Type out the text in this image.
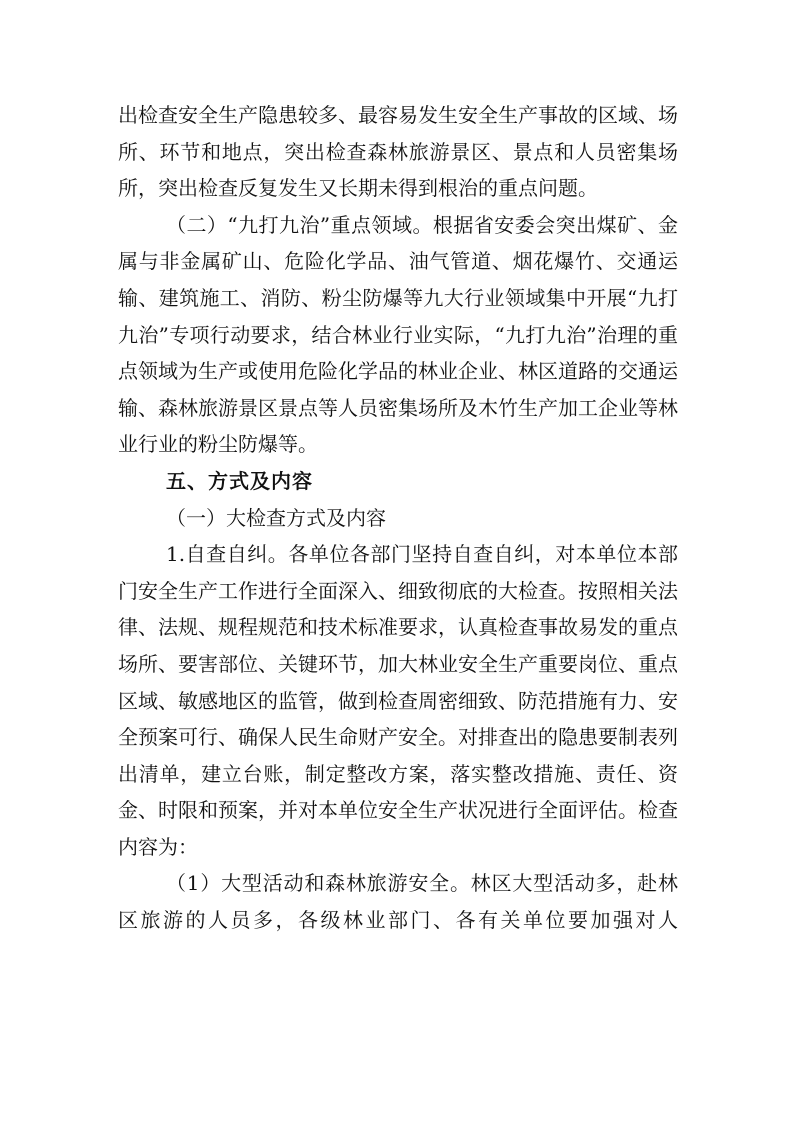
出检查安全生产隐患较多、最容易发生安全生产事故的区域、场所、环节和地点，突出检查森林旅游景区、景点和人员密集场所，突出检查反复发生又长期未得到根治的重点问题。

（二）“九打九治”重点领域。根据省安委会突出煤矿、金属与非金属矿山、危险化学品、油气管道、烟花爆竹、交通运输、建筑施工、消防、粉尘防爆等九大行业领域集中开展“九打九治”专项行动要求，结合林业行业实际，“九打九治”治理的重点领域为生产或使用危险化学品的林业企业、林区道路的交通运输、森林旅游景区景点等人员密集场所及木竹生产加工企业等林业行业的粉尘防爆等。

五、方式及内容
（一）大检查方式及内容

1.自查自纠。各单位各部门坚持自查自纠，对本单位本部门安全生产工作进行全面深入、细致彻底的大检查。按照相关法律、法规、规程规范和技术标准要求，认真检查事故易发的重点场所、要害部位、关键环节，加大林业安全生产重要岗位、重点区域、敏感地区的监管，做到检查周密细致、防范措施有力、安全预案可行、确保人民生命财产安全。对排查出的隐患要制表列出清单，建立台账，制定整改方案，落实整改措施、责任、资金、时限和预案，并对本单位安全生产状况进行全面评估。检查内容为：

（1）大型活动和森林旅游安全。林区大型活动多，赴林区旅游的人员多，各级林业部门、各有关单位要加强对人
